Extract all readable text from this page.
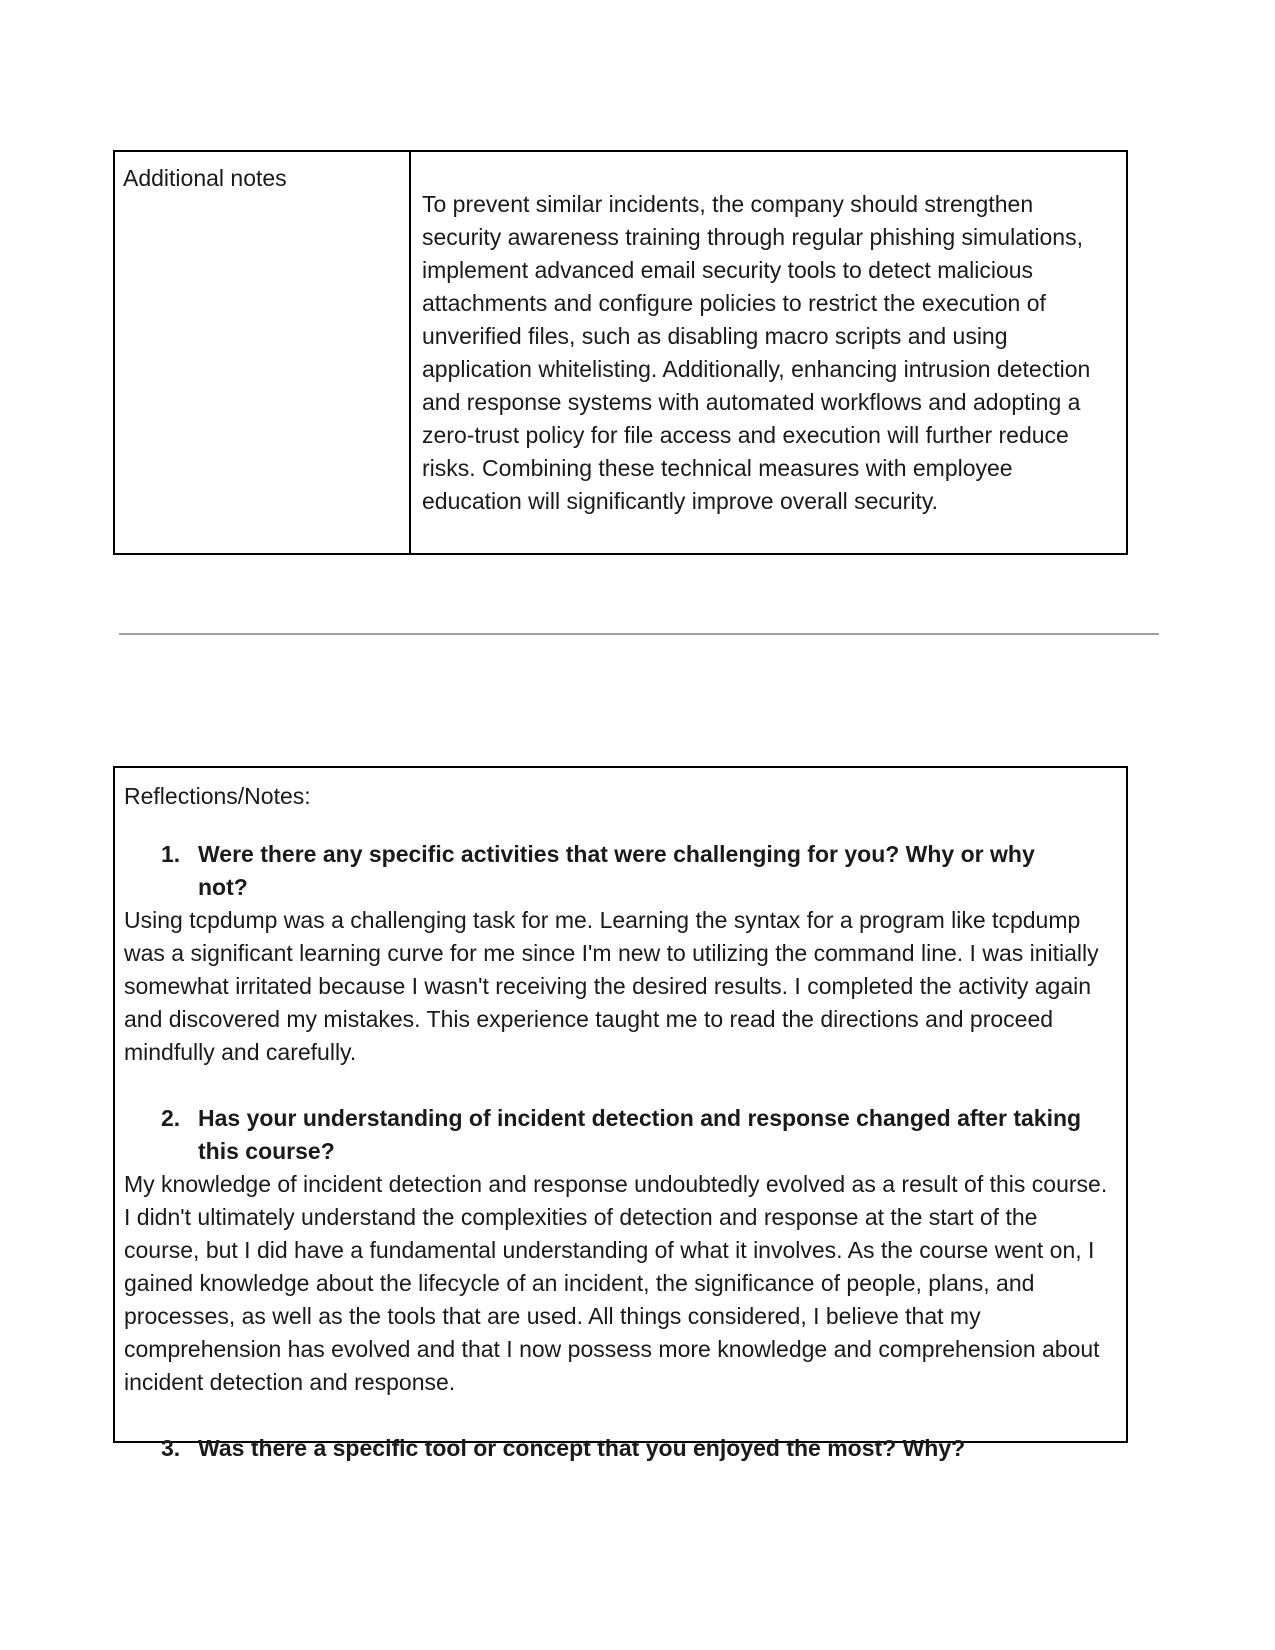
Additional notes
To prevent similar incidents, the company should strengthen security awareness training through regular phishing simulations, implement advanced email security tools to detect malicious attachments and configure policies to restrict the execution of unverified files, such as disabling macro scripts and using application whitelisting. Additionally, enhancing intrusion detection and response systems with automated workflows and adopting a zero-trust policy for file access and execution will further reduce risks. Combining these technical measures with employee education will significantly improve overall security.

Reflections/Notes:

1. Were there any specific activities that were challenging for you? Why or why not?

Using tcpdump was a challenging task for me. Learning the syntax for a program like tcpdump was a significant learning curve for me since I'm new to utilizing the command line. I was initially somewhat irritated because I wasn't receiving the desired results. I completed the activity again and discovered my mistakes. This experience taught me to read the directions and proceed mindfully and carefully.

2. Has your understanding of incident detection and response changed after taking this course?

My knowledge of incident detection and response undoubtedly evolved as a result of this course. I didn't ultimately understand the complexities of detection and response at the start of the course, but I did have a fundamental understanding of what it involves. As the course went on, I gained knowledge about the lifecycle of an incident, the significance of people, plans, and processes, as well as the tools that are used. All things considered, I believe that my comprehension has evolved and that I now possess more knowledge and comprehension about incident detection and response.

3. Was there a specific tool or concept that you enjoyed the most? Why?
